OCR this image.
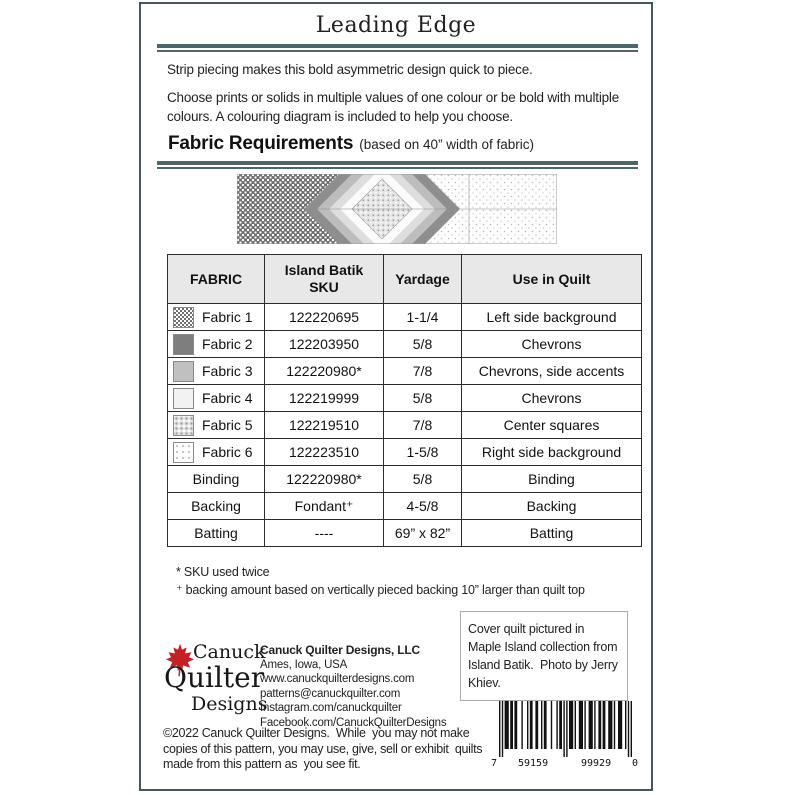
Leading Edge
Strip piecing makes this bold asymmetric design quick to piece.
Choose prints or solids in multiple values of one colour or be bold with multiple colours. A colouring diagram is included to help you choose.
Fabric Requirements (based on 40” width of fabric)
FABRIC	Island Batik SKU	Yardage	Use in Quilt

Fabric 1	122220695	1-1/4	Left side background

Fabric 2	122203950	5/8	Chevrons

Fabric 3	122220980*	7/8	Chevrons, side accents

Fabric 4	122219999	5/8	Chevrons

Fabric 5	122219510	7/8	Center squares

Fabric 6	122223510	1-5/8	Right side background

Binding	122220980*	5/8	Binding

Backing	Fondant⁺	4-5/8	Backing

Batting	----	69” x 82”	Batting
* SKU used twice
⁺ backing amount based on vertically pieced backing 10” larger than quilt top
Cover quilt pictured in Maple Island collection from Island Batik.  Photo by Jerry Khiev.
Canuck
Quilter
Designs
Canuck Quilter Designs, LLC
Ames, Iowa, USA
www.canuckquilterdesigns.com
patterns@canuckquilter.com
Instagram.com/canuckquilter
Facebook.com/CanuckQuilterDesigns
©2022 Canuck Quilter Designs.  While  you may not make copies of this pattern, you may use, give, sell or exhibit  quilts made from this pattern as  you see fit.	7 59159	99929 0
